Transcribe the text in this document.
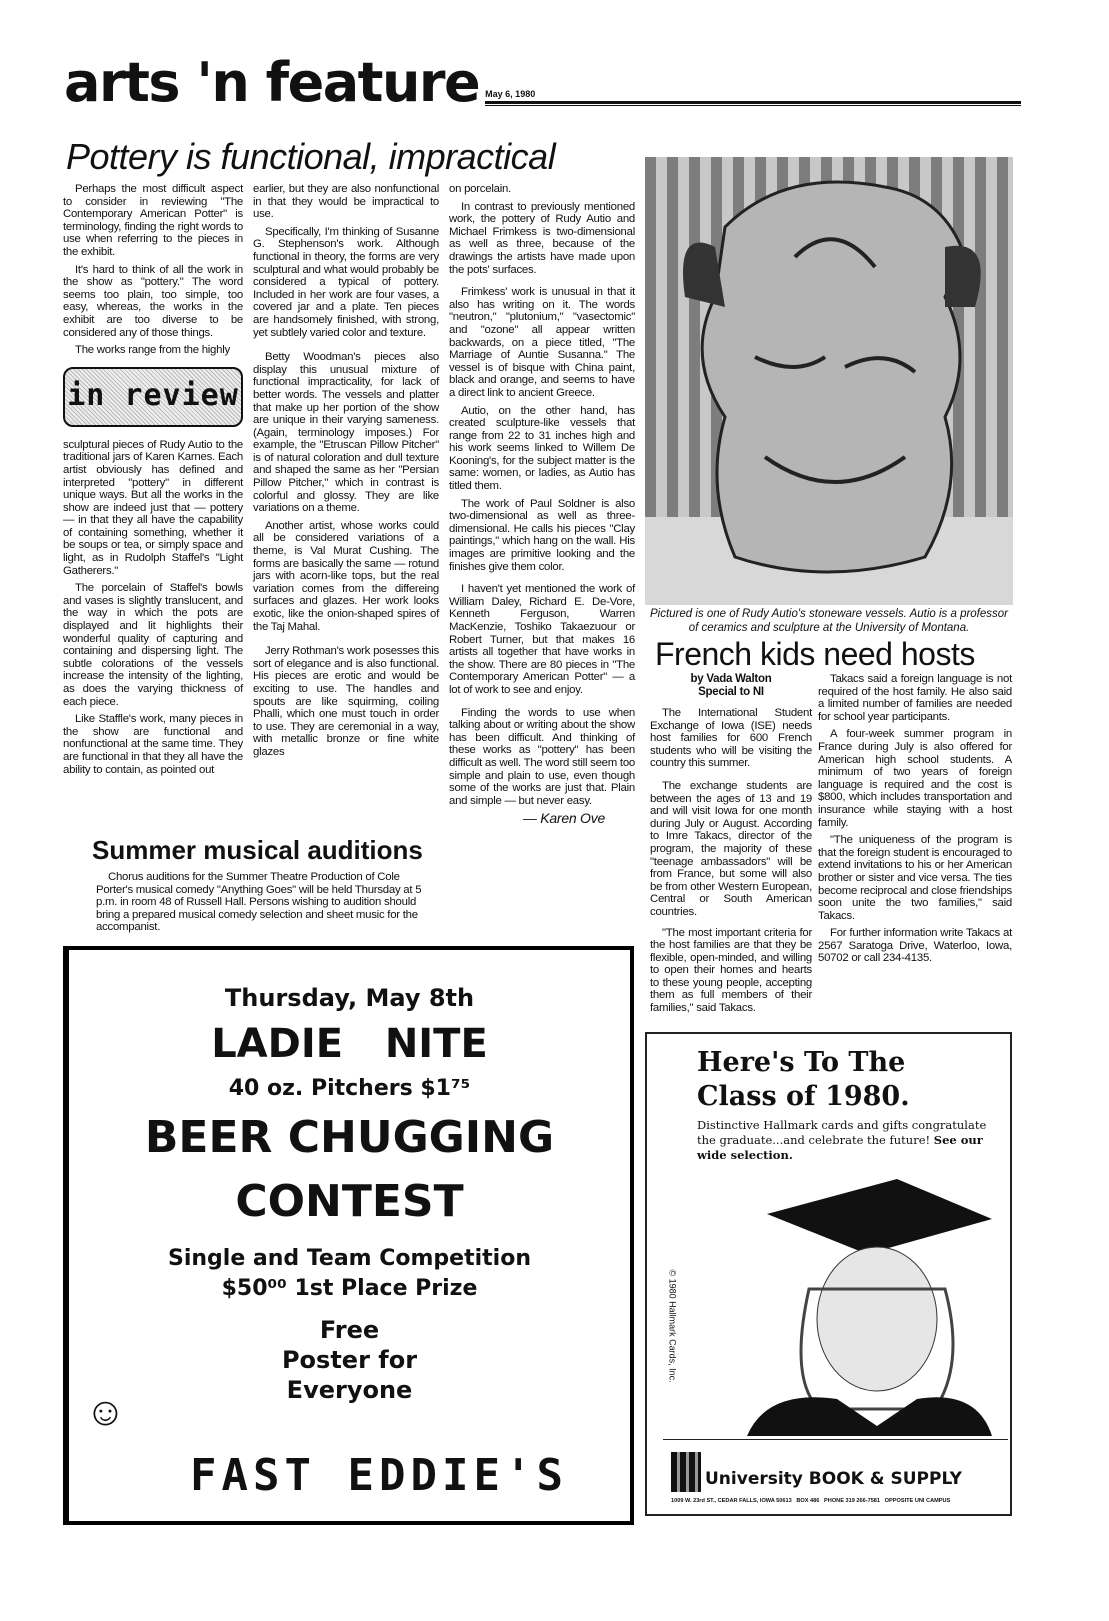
arts 'n feature May 6, 1980
Pottery is functional, impractical

Perhaps the most difficult aspect to consider in reviewing "The Contemporary American Potter" is terminology, finding the right words to use when referring to the pieces in the exhibit.

It's hard to think of all the work in the show as "pottery." The word seems too plain, too simple, too easy, whereas, the works in the exhibit are too diverse to be considered any of those things.

The works range from the highly

in review

sculptural pieces of Rudy Autio to the traditional jars of Karen Karnes. Each artist obviously has defined and interpreted "pottery" in different unique ways. But all the works in the show are indeed just that — pottery — in that they all have the capability of containing something, whether it be soups or tea, or simply space and light, as in Rudolph Staffel's "Light Gatherers."

The porcelain of Staffel's bowls and vases is slightly translucent, and the way in which the pots are displayed and lit highlights their wonderful quality of capturing and containing and dispersing light. The subtle colorations of the vessels increase the intensity of the lighting, as does the varying thickness of each piece.

Like Staffle's work, many pieces in the show are functional and nonfunctional at the same time. They are functional in that they all have the ability to contain, as pointed out

earlier, but they are also nonfunctional in that they would be impractical to use.

Specifically, I'm thinking of Susanne G. Stephenson's work. Although functional in theory, the forms are very sculptural and what would probably be considered a typical of pottery. Included in her work are four vases, a covered jar and a plate. Ten pieces are handsomely finished, with strong, yet subtlely varied color and texture.

Betty Woodman's pieces also display this unusual mixture of functional impracticality, for lack of better words. The vessels and platter that make up her portion of the show are unique in their varying sameness. (Again, terminology imposes.) For example, the "Etruscan Pillow Pitcher" is of natural coloration and dull texture and shaped the same as her "Persian Pillow Pitcher," which in contrast is colorful and glossy. They are like variations on a theme.

Another artist, whose works could all be considered variations of a theme, is Val Murat Cushing. The forms are basically the same — rotund jars with acorn-like tops, but the real variation comes from the differeing surfaces and glazes. Her work looks exotic, like the onion-shaped spires of the Taj Mahal.

Jerry Rothman's work posesses this sort of elegance and is also functional. His pieces are erotic and would be exciting to use. The handles and spouts are like squirming, coiling Phalli, which one must touch in order to use. They are ceremonial in a way, with metallic bronze or fine white glazes

on porcelain.

In contrast to previously mentioned work, the pottery of Rudy Autio and Michael Frimkess is two-dimensional as well as three, because of the drawings the artists have made upon the pots' surfaces.

Frimkess' work is unusual in that it also has writing on it. The words "neutron," "plutonium," "vasectomic" and "ozone" all appear written backwards, on a piece titled, "The Marriage of Auntie Susanna." The vessel is of bisque with China paint, black and orange, and seems to have a direct link to ancient Greece.

Autio, on the other hand, has created sculpture-like vessels that range from 22 to 31 inches high and his work seems linked to Willem De Kooning's, for the subject matter is the same: women, or ladies, as Autio has titled them.

The work of Paul Soldner is also two-dimensional as well as three-dimensional. He calls his pieces "Clay paintings," which hang on the wall. His images are primitive looking and the finishes give them color.

I haven't yet mentioned the work of William Daley, Richard E. De-Vore, Kenneth Ferguson, Warren MacKenzie, Toshiko Takaezuour or Robert Turner, but that makes 16 artists all together that have works in the show. There are 80 pieces in "The Contemporary American Potter" — a lot of work to see and enjoy.

Finding the words to use when talking about or writing about the show has been difficult. And thinking of these works as "pottery" has been difficult as well. The word still seem too simple and plain to use, even though some of the works are just that. Plain and simple — but never easy.

— Karen Ove
Summer musical auditions

Chorus auditions for the Summer Theatre Production of Cole Porter's musical comedy "Anything Goes" will be held Thursday at 5 p.m. in room 48 of Russell Hall. Persons wishing to audition should bring a prepared musical comedy selection and sheet music for the accompanist.

Thursday, May 8th
LADIE   NITE
40 oz. Pitchers $1⁷⁵
BEER CHUGGING
CONTEST
Single and Team Competition
$50⁰⁰ 1st Place Prize
Free
Poster for
Everyone
☺
FAST EDDIE'S
Pictured is one of Rudy Autio's stoneware vessels. Autio is a professor of ceramics and sculpture at the University of Montana.
French kids need hosts
by Vada Walton
Special to NI

The International Student Exchange of Iowa (ISE) needs host families for 600 French students who will be visiting the country this summer.

The exchange students are between the ages of 13 and 19 and will visit Iowa for one month during July or August. According to Imre Takacs, director of the program, the majority of these "teenage ambassadors" will be from France, but some will also be from other Western European, Central or South American countries.

"The most important criteria for the host families are that they be flexible, open-minded, and willing to open their homes and hearts to these young people, accepting them as full members of their families," said Takacs.

Takacs said a foreign language is not required of the host family. He also said a limited number of families are needed for school year participants.

A four-week summer program in France during July is also offered for American high school students. A minimum of two years of foreign language is required and the cost is $800, which includes transportation and insurance while staying with a host family.

"The uniqueness of the program is that the foreign student is encouraged to extend invitations to his or her American brother or sister and vice versa. The ties become reciprocal and close friendships soon unite the two families," said Takacs.

For further information write Takacs at 2567 Saratoga Drive, Waterloo, Iowa, 50702 or call 234-4135.

Here's To The
Class of 1980.
Distinctive Hallmark cards and gifts congratulate the graduate...and celebrate the future! See our wide selection.
© 1980 Hallmark Cards, Inc.
University BOOK & SUPPLY
1009 W. 23rd ST., CEDAR FALLS, IOWA 50613   BOX 486   PHONE 319 266-7581   OPPOSITE UNI CAMPUS
